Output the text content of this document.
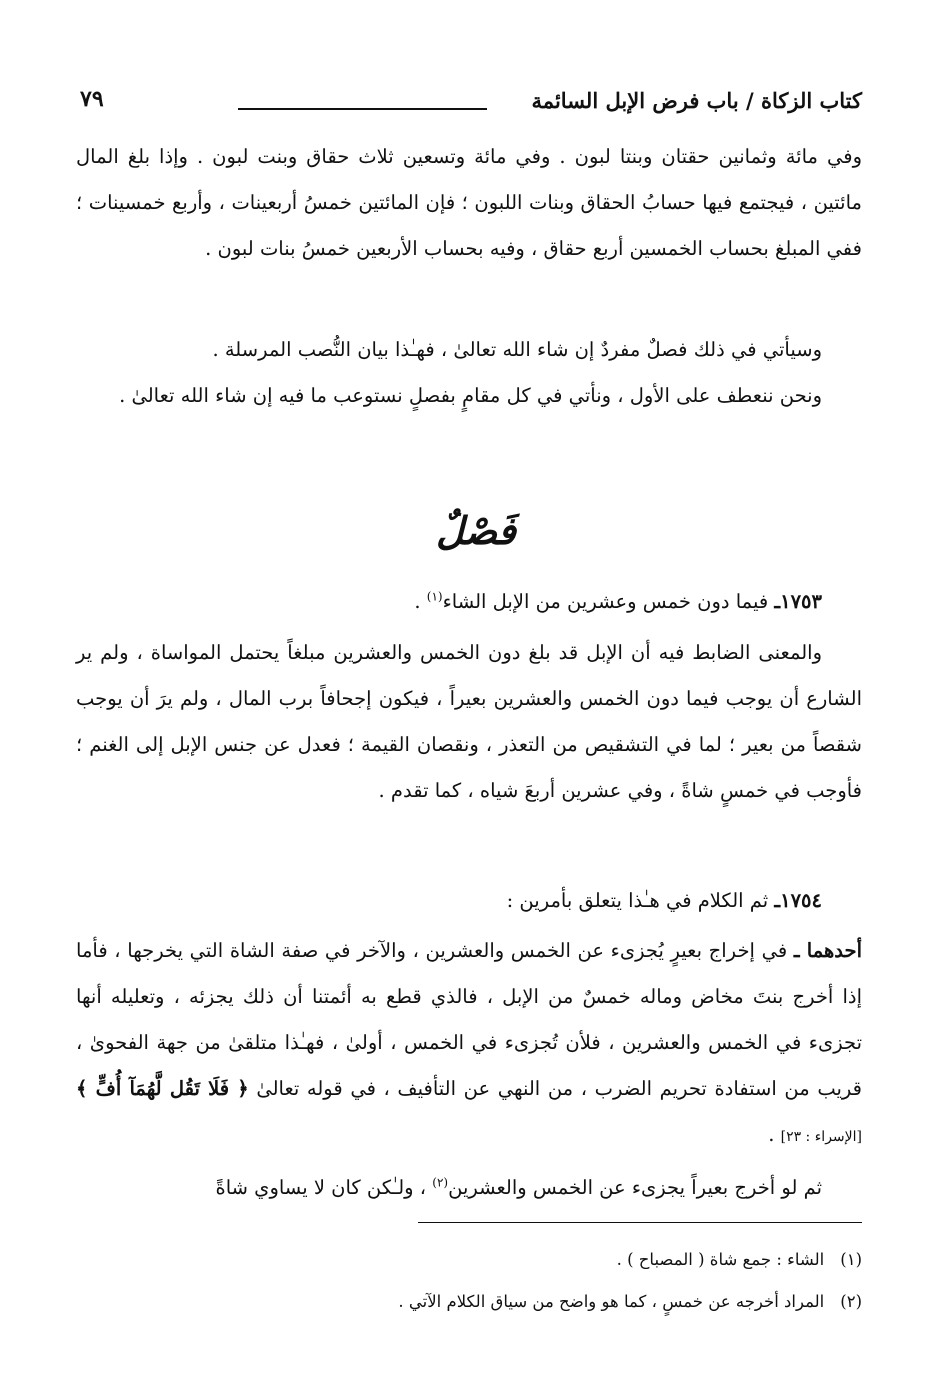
كتاب الزكاة / باب فرض الإبل السائمة
٧٩
وفي مائة وثمانين حقتان وبنتا لبون . وفي مائة وتسعين ثلاث حقاق وبنت لبون . وإذا بلغ المال مائتين ، فيجتمع فيها حسابُ الحقاق وبنات اللبون ؛ فإن المائتين خمسُ أربعينات ، وأربع خمسينات ؛ ففي المبلغ بحساب الخمسين أربع حقاق ، وفيه بحساب الأربعين خمسُ بنات لبون .
وسيأتي في ذلك فصلٌ مفردٌ إن شاء الله تعالىٰ ، فهـٰذا بيان النُّصب المرسلة .
ونحن ننعطف على الأول ، ونأتي في كل مقامٍ بفصلٍ نستوعب ما فيه إن شاء الله تعالىٰ .
فَصْلٌ
١٧٥٣ـ فيما دون خمس وعشرين من الإبل الشاء$^{(١)}$ .
والمعنى الضابط فيه أن الإبل قد بلغ دون الخمس والعشرين مبلغاً يحتمل المواساة ، ولم ير الشارع أن يوجب فيما دون الخمس والعشرين بعيراً ، فيكون إجحافاً برب المال ، ولم يرَ أن يوجب شقصاً من بعير ؛ لما في التشقيص من التعذر ، ونقصان القيمة ؛ فعدل عن جنس الإبل إلى الغنم ؛ فأوجب في خمسٍ شاةً ، وفي عشرين أربعَ شياه ، كما تقدم .
١٧٥٤ـ ثم الكلام في هـٰذا يتعلق بأمرين :
أحدهما ـ في إخراج بعيرٍ يُجزىء عن الخمس والعشرين ، والآخر في صفة الشاة التي يخرجها ، فأما إذا أخرج بنتَ مخاض وماله خمسٌ من الإبل ، فالذي قطع به أئمتنا أن ذلك يجزئه ، وتعليله أنها تجزىء في الخمس والعشرين ، فلأن تُجزىء في الخمس ، أولىٰ ، فهـٰذا متلقىٰ من جهة الفحوىٰ ، قريب من استفادة تحريم الضرب ، من النهي عن التأفيف ، في قوله تعالىٰ ﴿ فَلَا تَقُل لَّهُمَآ أُفٍّ ﴾ [الإسراء : ٢٣] .
ثم لو أخرج بعيراً يجزىء عن الخمس والعشرين$^{(٢)}$ ، ولـٰكن كان لا يساوي شاةً
(١)الشاء : جمع شاة ( المصباح ) .
(٢)المراد أخرجه عن خمسٍ ، كما هو واضح من سياق الكلام الآتي .
